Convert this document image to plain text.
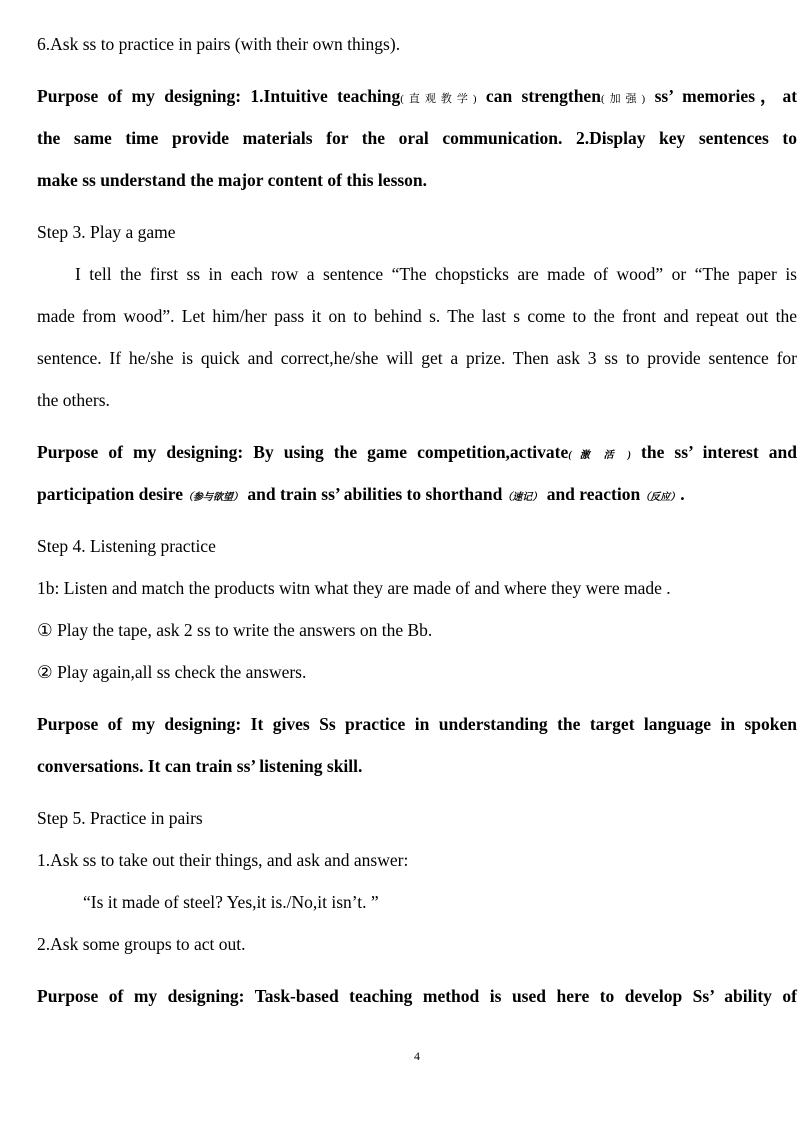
6.Ask ss to practice in pairs (with their own things).
Purpose of my designing: 1.Intuitive teaching(直观教学) can strengthen(加强) ss’ memories，at
the same time provide materials for the oral communication. 2.Display key sentences to
make ss understand the major content of this lesson.
Step 3. Play a game
I tell the first ss in each row a sentence “The chopsticks are made of wood” or “The paper is
made from wood”. Let him/her pass it on to behind s. The last s come to the front and repeat out the
sentence. If he/she is quick and correct,he/she will get a prize. Then ask 3 ss to provide sentence for
the others.
Purpose of my designing: By using the game competition,activate( 激 活 ) the ss’ interest and
participation desire（参与欲望） and train ss’ abilities to shorthand（速记） and reaction（反应）.
Step 4. Listening practice
1b: Listen and match the products witn what they are made of and where they were made .
① Play the tape, ask 2 ss to write the answers on the Bb.
② Play again,all ss check the answers.
Purpose of my designing: It gives Ss practice in understanding the target language in spoken
conversations. It can train ss’ listening skill.
Step 5. Practice in pairs
1.Ask ss to take out their things, and ask and answer:
“Is it made of steel? Yes,it is./No,it isn’t. ”
2.Ask some groups to act out.
Purpose of my designing: Task-based teaching method is used here to develop Ss’ ability of
4
